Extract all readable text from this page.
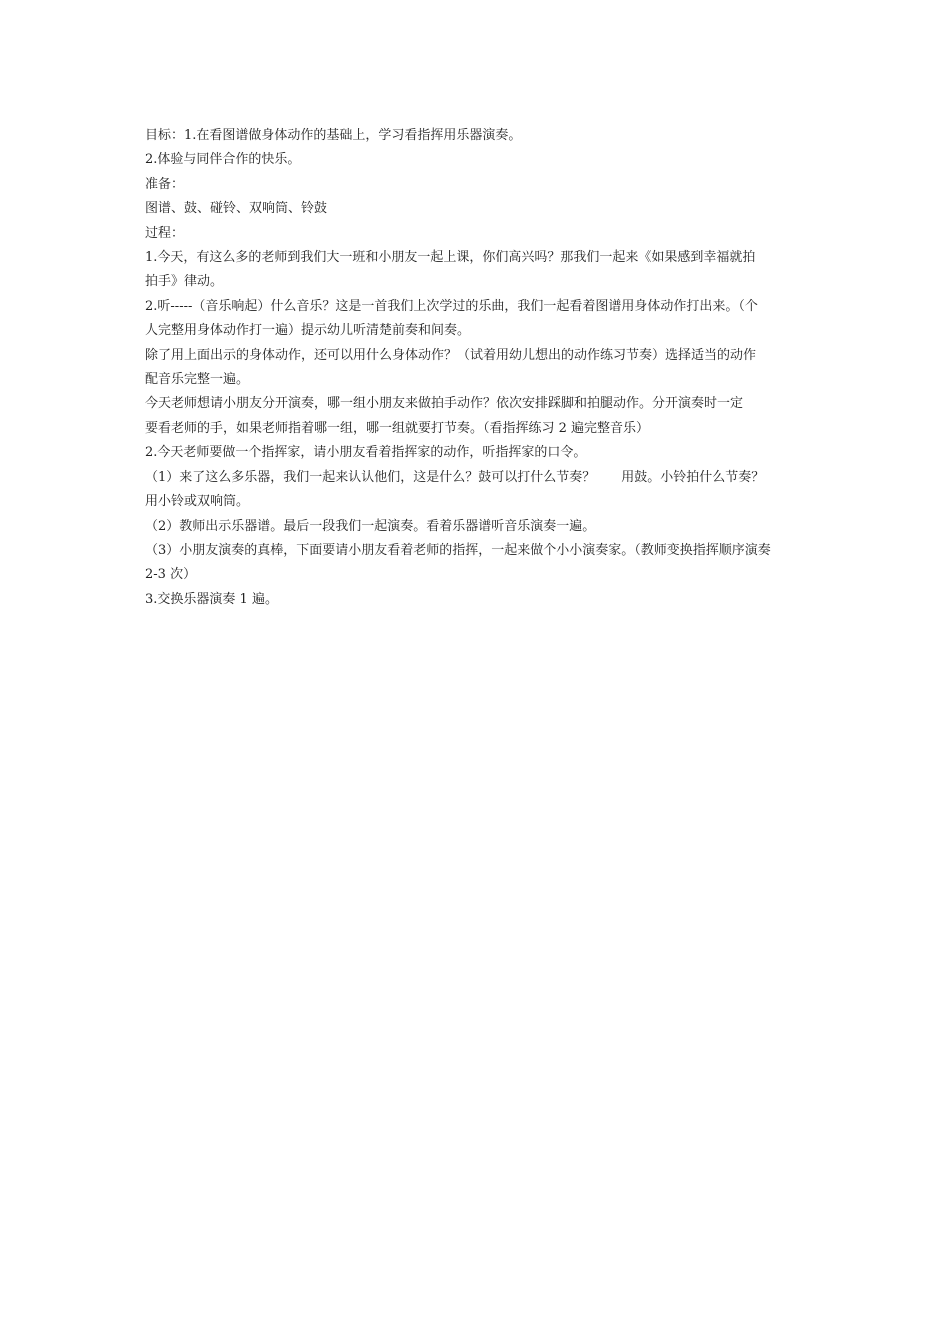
目标：1.在看图谱做身体动作的基础上，学习看指挥用乐器演奏。

2.体验与同伴合作的快乐。

准备：

图谱、鼓、碰铃、双响筒、铃鼓

过程：

1.今天，有这么多的老师到我们大一班和小朋友一起上课，你们高兴吗？那我们一起来《如果感到幸福就拍

拍手》律动。

2.听-----（音乐响起）什么音乐？这是一首我们上次学过的乐曲，我们一起看着图谱用身体动作打出来。（个

人完整用身体动作打一遍）提示幼儿听清楚前奏和间奏。

除了用上面出示的身体动作，还可以用什么身体动作？（试着用幼儿想出的动作练习节奏）选择适当的动作

配音乐完整一遍。

今天老师想请小朋友分开演奏，哪一组小朋友来做拍手动作？依次安排踩脚和拍腿动作。分开演奏时一定

要看老师的手，如果老师指着哪一组，哪一组就要打节奏。（看指挥练习 2 遍完整音乐）

2.今天老师要做一个指挥家，请小朋友看着指挥家的动作，听指挥家的口令。

（1）来了这么多乐器，我们一起来认认他们，这是什么？鼓可以打什么节奏？　　用鼓。小铃拍什么节奏？

用小铃或双响筒。

（2）教师出示乐器谱。最后一段我们一起演奏。看着乐器谱听音乐演奏一遍。

（3）小朋友演奏的真棒，下面要请小朋友看着老师的指挥，一起来做个小小演奏家。（教师变换指挥顺序演奏

2-3 次）

3.交换乐器演奏 1 遍。
